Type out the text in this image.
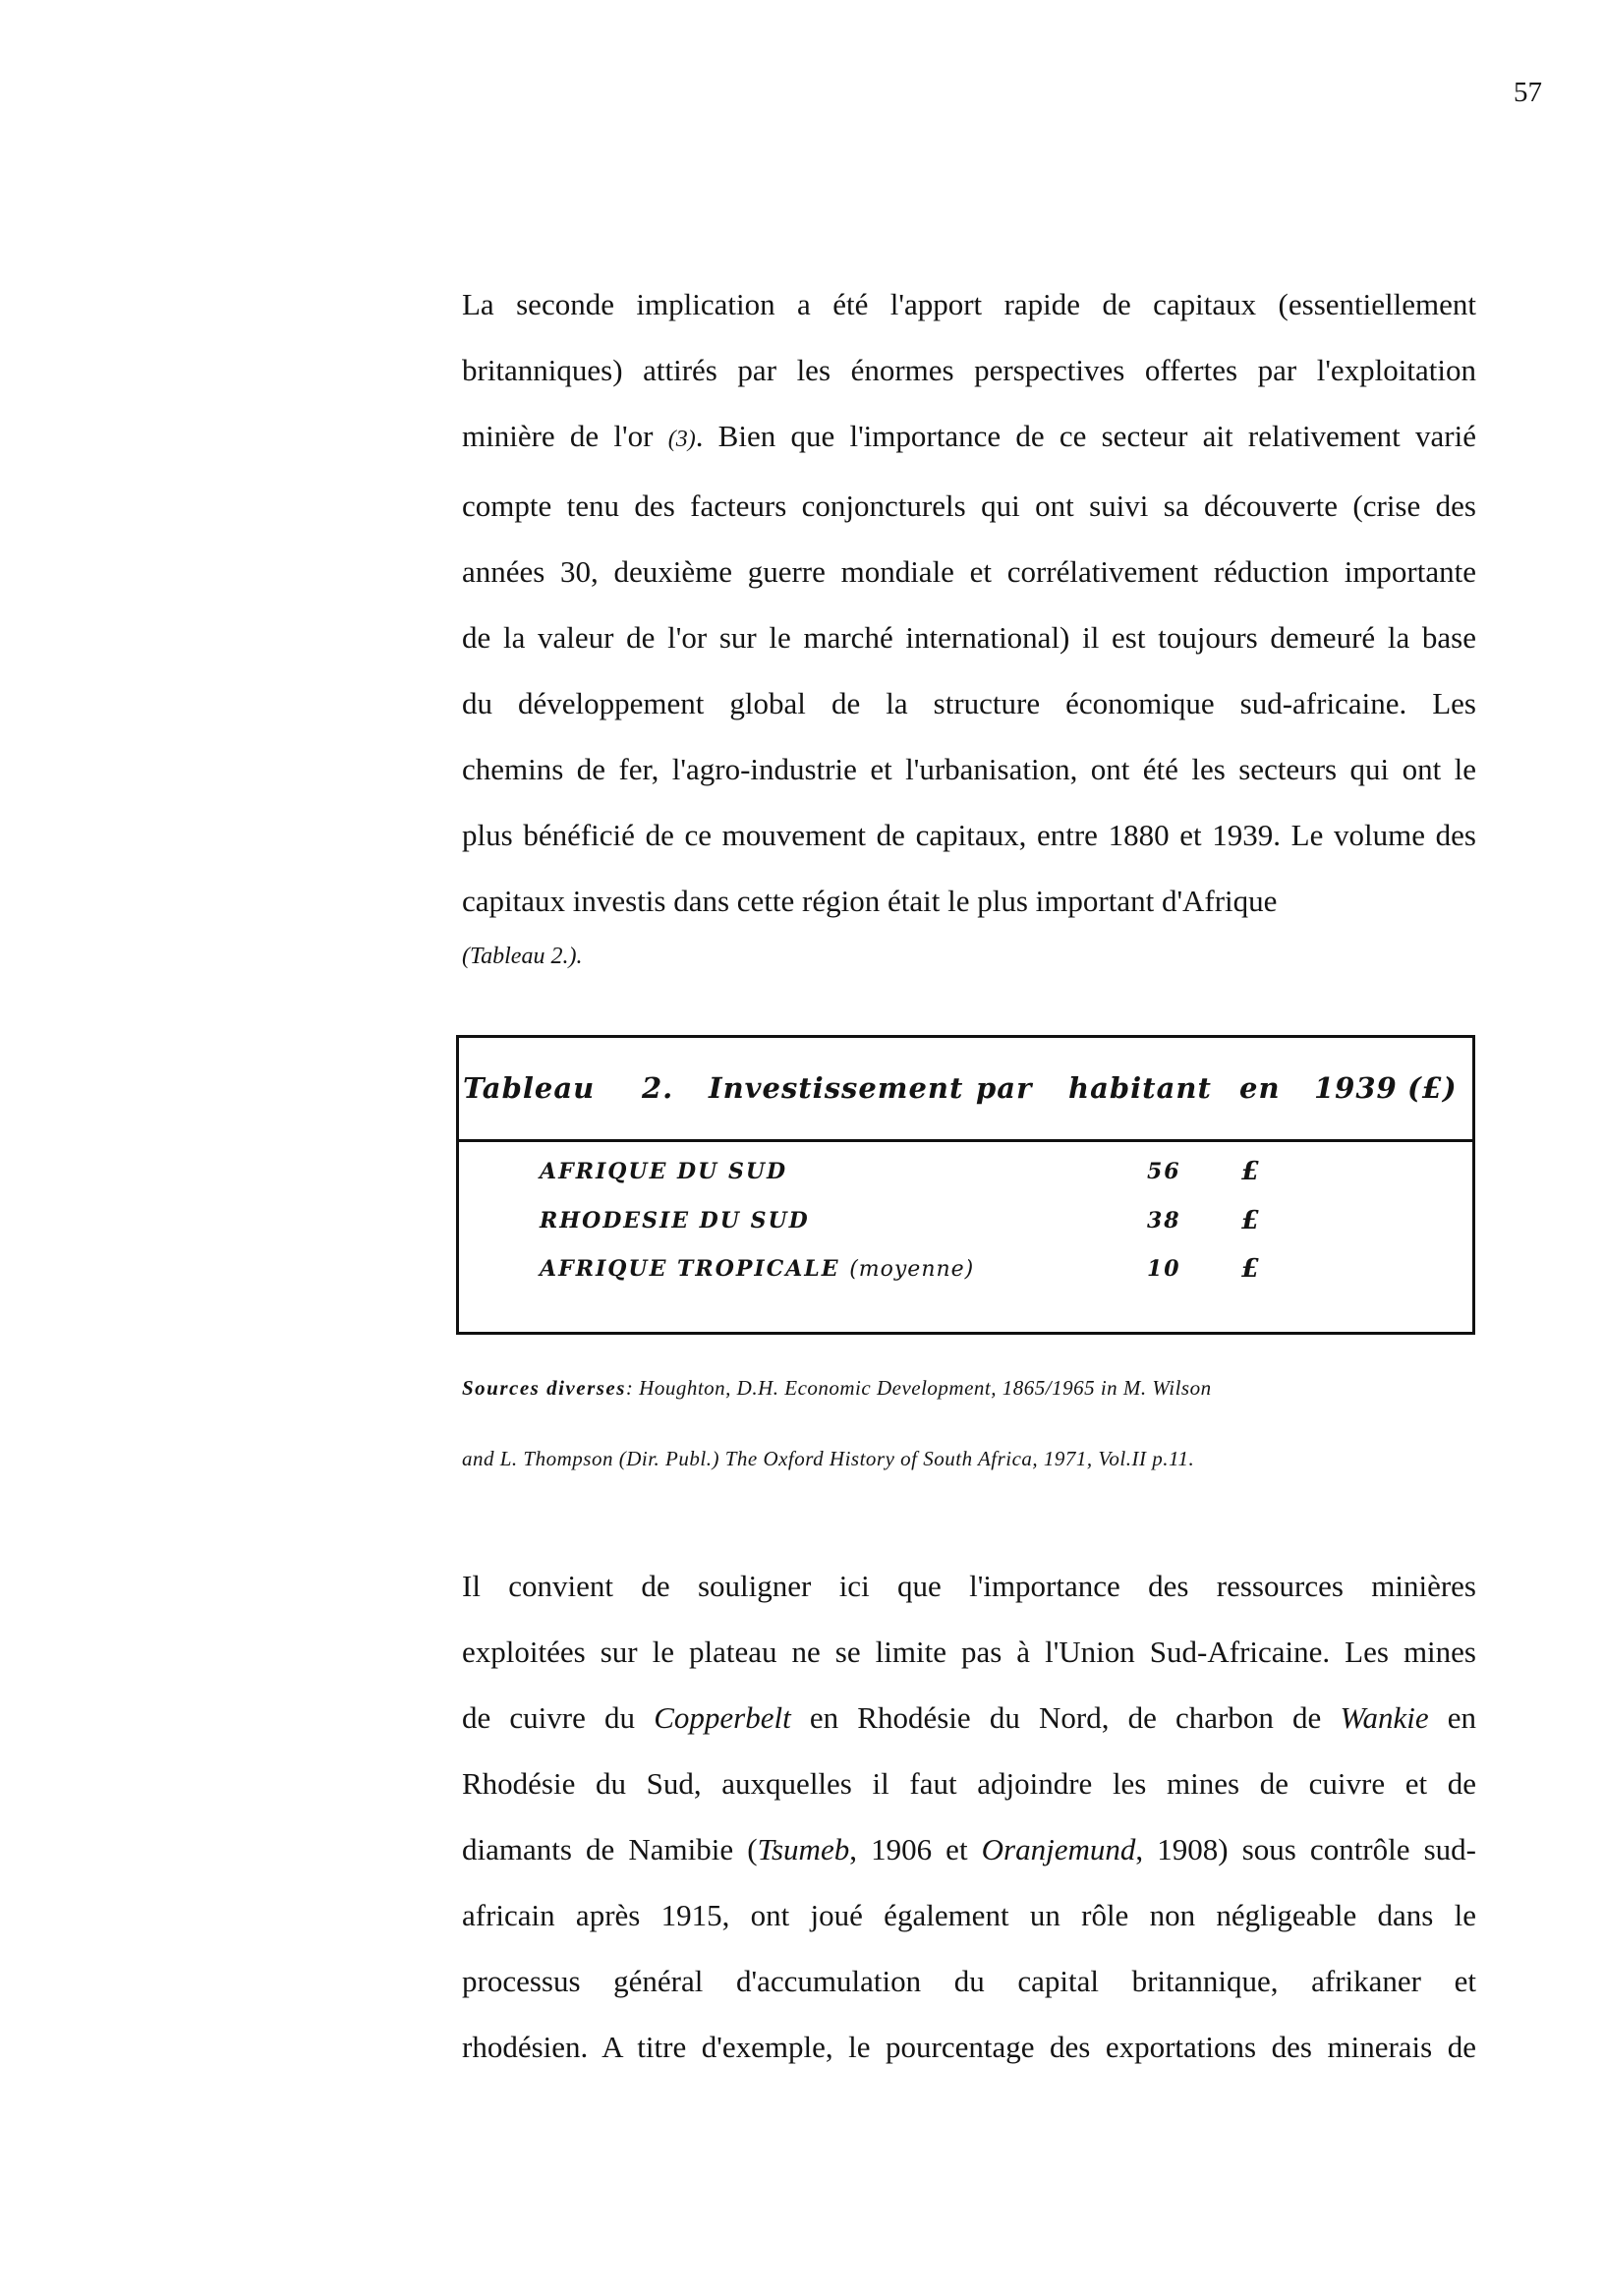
57

La seconde implication a été l'apport rapide de capitaux (essentiellement
britanniques) attirés par les énormes perspectives offertes par l'exploitation
minière de l'or (3). Bien que l'importance de ce secteur ait relativement varié
compte tenu des facteurs conjoncturels qui ont suivi sa découverte (crise des
années 30, deuxième guerre mondiale et corrélativement réduction importante
de la valeur de l'or sur le marché international) il est toujours demeuré la base
du développement global de la structure économique sud-africaine. Les
chemins de fer, l'agro-industrie et l'urbanisation, ont été les secteurs qui ont le
plus bénéficié de ce mouvement de capitaux, entre 1880 et 1939. Le volume des
capitaux investis dans cette région était le plus important d'Afrique

(Tableau 2.).
Tableau 2. Investissement par habitant en 1939 (£)
AFRIQUE DU SUD	56 £
RHODESIE DU SUD	38 £
AFRIQUE TROPICALE (moyenne)	10 £
Sources diverses: Houghton, D.H. Economic Development, 1865/1965 in M. Wilson
and L. Thompson (Dir. Publ.) The Oxford History of South Africa, 1971, Vol.II p.11.

Il convient de souligner ici que l'importance des ressources minières
exploitées sur le plateau ne se limite pas à l'Union Sud-Africaine. Les mines
de cuivre du Copperbelt en Rhodésie du Nord, de charbon de Wankie en
Rhodésie du Sud, auxquelles il faut adjoindre les mines de cuivre et de
diamants de Namibie (Tsumeb, 1906 et Oranjemund, 1908) sous contrôle sud-
africain après 1915, ont joué également un rôle non négligeable dans le
processus général d'accumulation du capital britannique, afrikaner et
rhodésien. A titre d'exemple, le pourcentage des exportations des minerais de
